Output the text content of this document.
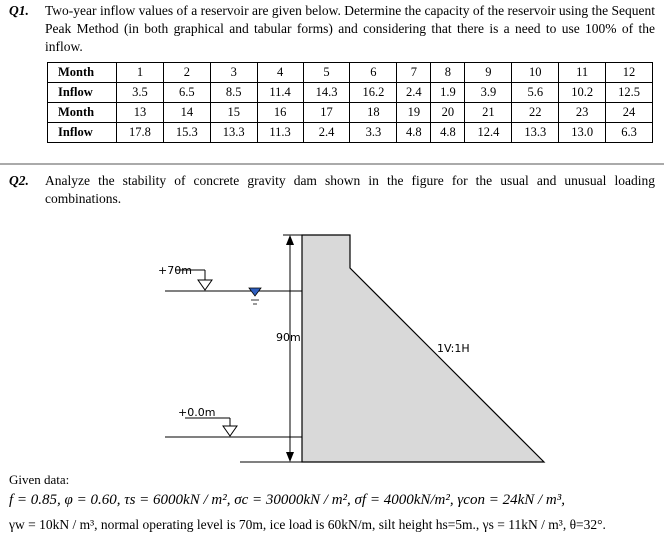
Q1. Two-year inflow values of a reservoir are given below. Determine the capacity of the reservoir using the Sequent Peak Method (in both graphical and tabular forms) and considering that there is a need to use 100% of the inflow.
Month	1	2	3	4	5	6	7	8	9	10	11	12
Inflow	3.5	6.5	8.5	11.4	14.3	16.2	2.4	1.9	3.9	5.6	10.2	12.5
Month	13	14	15	16	17	18	19	20	21	22	23	24
Inflow	17.8	15.3	13.3	11.3	2.4	3.3	4.8	4.8	12.4	13.3	13.0	6.3
Q2. Analyze the stability of concrete gravity dam shown in the figure for the usual and unusual loading combinations.
+70m
+0.0m
90m
1V:1H
Given data:
f = 0.85, φ = 0.60, τs = 6000kN / m², σc = 30000kN / m², σf = 4000kN/m², γcon = 24kN / m³,
γw = 10kN / m³, normal operating level is 70m, ice load is 60kN/m, silt height hs=5m., γs = 11kN / m³, θ=32°.
